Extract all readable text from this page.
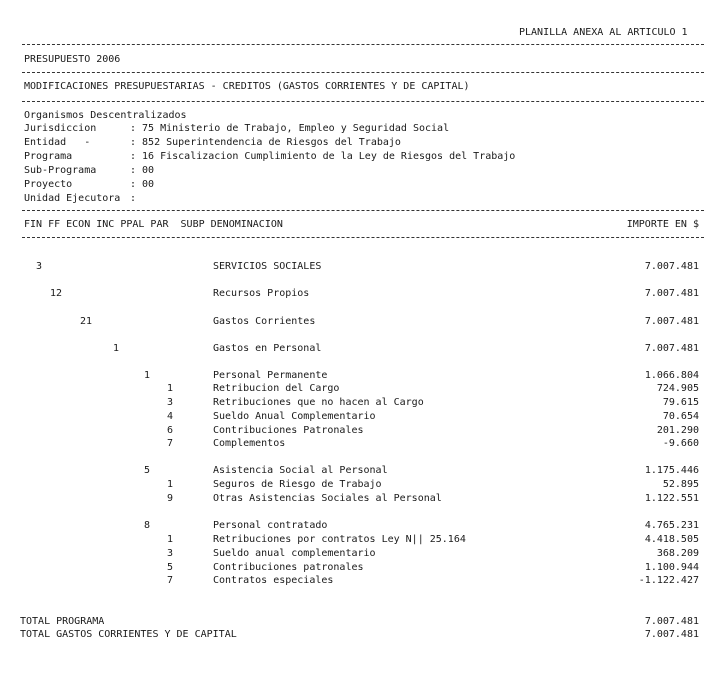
PLANILLA ANEXA AL ARTICULO 1
PRESUPUESTO 2006
MODIFICACIONES PRESUPUESTARIAS - CREDITOS (GASTOS CORRIENTES Y DE CAPITAL)
Organismos Descentralizados
Jurisdiccion	: 75 Ministerio de Trabajo, Empleo y Seguridad Social
Entidad   -	: 852 Superintendencia de Riesgos del Trabajo
Programa	: 16 Fiscalizacion Cumplimiento de la Ley de Riesgos del Trabajo
Sub-Programa	: 00
Proyecto	: 00
Unidad Ejecutora :
FIN FF ECON INC PPAL PAR  SUBP DENOMINACION	IMPORTE EN $
3	SERVICIOS SOCIALES	7.007.481
12	Recursos Propios	7.007.481
21	Gastos Corrientes	7.007.481
1	Gastos en Personal	7.007.481
1	Personal Permanente	1.066.804
1	Retribucion del Cargo	724.905
3	Retribuciones que no hacen al Cargo	79.615
4	Sueldo Anual Complementario	70.654
6	Contribuciones Patronales	201.290
7	Complementos	-9.660
5	Asistencia Social al Personal	1.175.446
1	Seguros de Riesgo de Trabajo	52.895
9	Otras Asistencias Sociales al Personal	1.122.551
8	Personal contratado	4.765.231
1	Retribuciones por contratos Ley N|| 25.164	4.418.505
3	Sueldo anual complementario	368.209
5	Contribuciones patronales	1.100.944
7	Contratos especiales	-1.122.427
TOTAL PROGRAMA	7.007.481
TOTAL GASTOS CORRIENTES Y DE CAPITAL	7.007.481
